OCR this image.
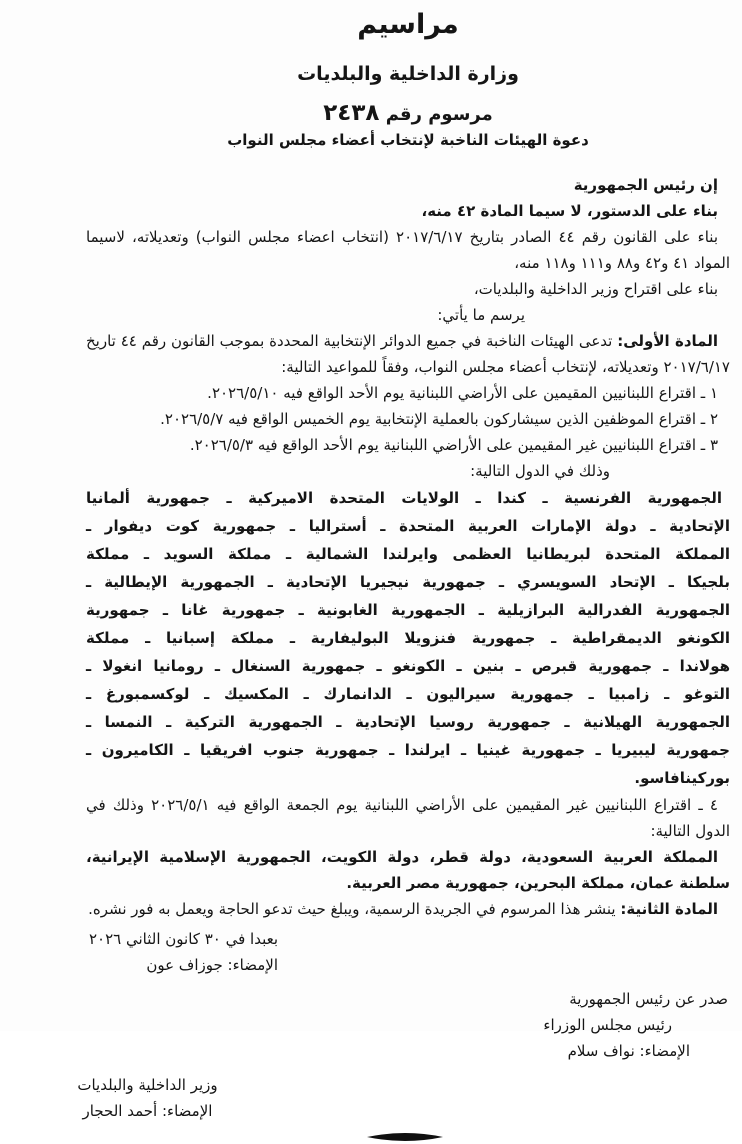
مراسيم
وزارة الداخلية والبلديات
مرسوم رقم ٢٤٣٨
دعوة الهيئات الناخبة لإنتخاب أعضاء مجلس النواب

إن رئيس الجمهورية

بناء على الدستور، لا سيما المادة ٤٢ منه،

بناء على القانون رقم ٤٤ الصادر بتاريخ ٢٠١٧/٦/١٧ (انتخاب اعضاء مجلس النواب) وتعديلاته، لاسيما المواد ٤١ و٤٢ و٨٨ و١١١ و١١٨ منه،

بناء على اقتراح وزير الداخلية والبلديات،

يرسم ما يأتي:

المادة الأولى: تدعى الهيئات الناخبة في جميع الدوائر الإنتخابية المحددة بموجب القانون رقم ٤٤ تاريخ ٢٠١٧/٦/١٧ وتعديلاته، لإنتخاب أعضاء مجلس النواب، وفقاً للمواعيد التالية:

١ ـ اقتراع اللبنانيين المقيمين على الأراضي اللبنانية يوم الأحد الواقع فيه ٢٠٢٦/٥/١٠.

٢ ـ اقتراع الموظفين الذين سيشاركون بالعملية الإنتخابية يوم الخميس الواقع فيه ٢٠٢٦/٥/٧.

٣ ـ اقتراع اللبنانيين غير المقيمين على الأراضي اللبنانية يوم الأحد الواقع فيه ٢٠٢٦/٥/٣.

وذلك في الدول التالية:

الجمهورية الفرنسية ـ كندا ـ الولايات المتحدة الاميركية ـ جمهورية ألمانيا الإتحادية ـ دولة الإمارات العربية المتحدة ـ أستراليا ـ جمهورية كوت ديفوار ـ المملكة المتحدة لبريطانيا العظمى وايرلندا الشمالية ـ مملكة السويد ـ مملكة بلجيكا ـ الإتحاد السويسري ـ جمهورية نيجيريا الإتحادية ـ الجمهورية الإيطالية ـ الجمهورية الفدرالية البرازيلية ـ الجمهورية الغابونية ـ جمهورية غانا ـ جمهورية الكونغو الديمقراطية ـ جمهورية فنزويلا البوليفارية ـ مملكة إسبانيا ـ مملكة هولاندا ـ جمهورية قبرص ـ بنين ـ الكونغو ـ جمهورية السنغال ـ رومانيا انغولا ـ التوغو ـ زامبيا ـ جمهورية سيراليون ـ الدانمارك ـ المكسيك ـ لوكسمبورغ ـ الجمهورية الهيلانية ـ جمهورية روسيا الإتحادية ـ الجمهورية التركية ـ النمسا ـ جمهورية ليبيريا ـ جمهورية غينيا ـ ايرلندا ـ جمهورية جنوب افريقيا ـ الكاميرون ـ بوركينافاسو.

٤ ـ اقتراع اللبنانيين غير المقيمين على الأراضي اللبنانية يوم الجمعة الواقع فيه ٢٠٢٦/٥/١ وذلك في الدول التالية:

المملكة العربية السعودية، دولة قطر، دولة الكويت، الجمهورية الإسلامية الإيرانية، سلطنة عمان، مملكة البحرين، جمهورية مصر العربية.

المادة الثانية: ينشر هذا المرسوم في الجريدة الرسمية، ويبلغ حيث تدعو الحاجة ويعمل به فور نشره.

بعبدا في ٣٠ كانون الثاني ٢٠٢٦
الإمضاء: جوزاف عون
صدر عن رئيس الجمهورية
رئيس مجلس الوزراء
الإمضاء: نواف سلام
وزير الداخلية والبلديات
الإمضاء: أحمد الحجار
